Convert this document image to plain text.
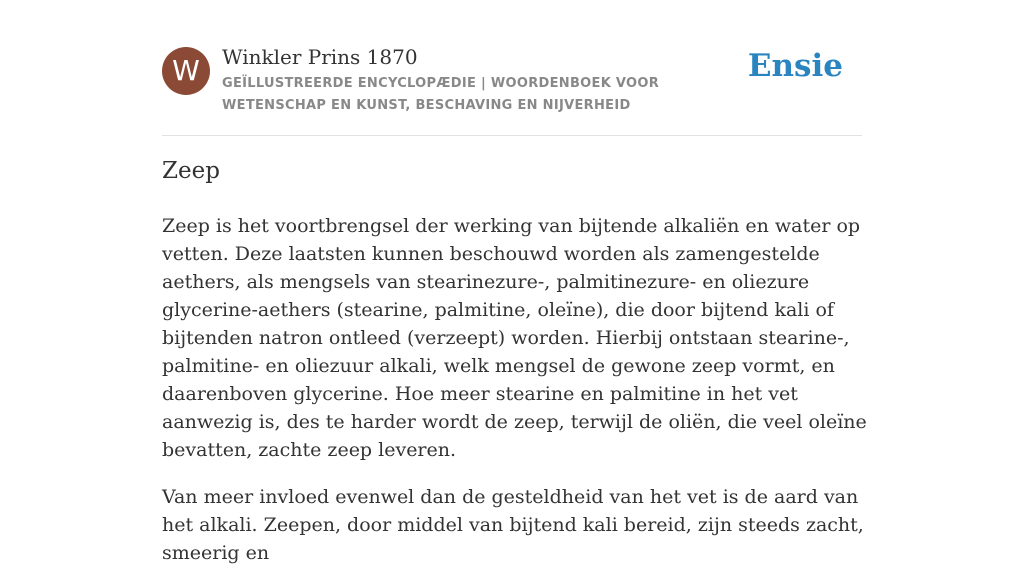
W	Winkler Prins 1870
GEÏLLUSTREERDE ENCYCLOPÆDIE | WOORDENBOEK VOOR WETENSCHAP EN KUNST, BESCHAVING EN NIJVERHEID
Ensie
Zeep

Zeep is het voortbrengsel der werking van bijtende alkaliën en water op vetten. Deze laatsten kunnen beschouwd worden als zamengestelde aethers, als mengsels van stearinezure-, palmitinezure- en oliezure glycerine-aethers (stearine, palmitine, oleïne), die door bijtend kali of bijtenden natron ontleed (verzeept) worden. Hierbij ontstaan stearine-, palmitine- en oliezuur alkali, welk mengsel de gewone zeep vormt, en daarenboven glycerine. Hoe meer stearine en palmitine in het vet aanwezig is, des te harder wordt de zeep, terwijl de oliën, die veel oleïne bevatten, zachte zeep leveren.

Van meer invloed evenwel dan de gesteldheid van het vet is de aard van het alkali. Zeepen, door middel van bijtend kali bereid, zijn steeds zacht, smeerig en
